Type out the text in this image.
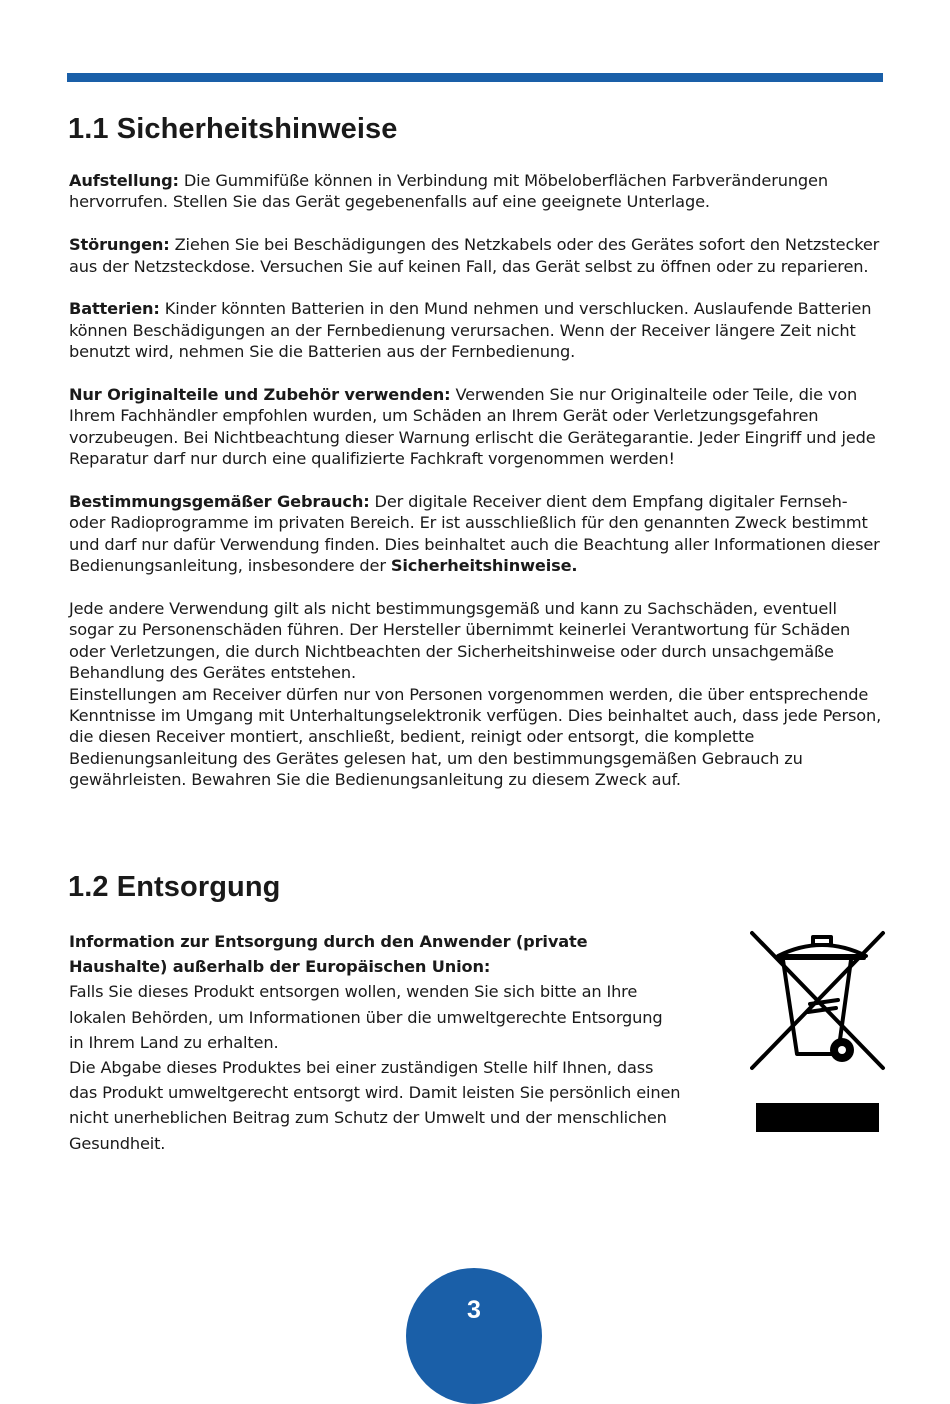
1.1 Sicherheitshinweise

Aufstellung: Die Gummifüße können in Verbindung mit Möbeloberflächen Farbveränderungen hervorrufen. Stellen Sie das Gerät gegebenenfalls auf eine geeignete Unterlage.

Störungen: Ziehen Sie bei Beschädigungen des Netzkabels oder des Gerätes sofort den Netzstecker aus der Netzsteckdose. Versuchen Sie auf keinen Fall, das Gerät selbst zu öffnen oder zu reparieren.

Batterien: Kinder könnten Batterien in den Mund nehmen und verschlucken. Auslaufende Batterien können Beschädigungen an der Fernbedienung verursachen. Wenn der Receiver längere Zeit nicht benutzt wird, nehmen Sie die Batterien aus der Fernbedienung.

Nur Originalteile und Zubehör verwenden: Verwenden Sie nur Originalteile oder Teile, die von Ihrem Fachhändler empfohlen wurden, um Schäden an Ihrem Gerät oder Verletzungsgefahren vorzubeugen. Bei Nichtbeachtung dieser Warnung erlischt die Gerätegarantie. Jeder Eingriff und jede Reparatur darf nur durch eine qualifizierte Fachkraft vorgenommen werden!

Bestimmungsgemäßer Gebrauch: Der digitale Receiver dient dem Empfang digitaler Fernseh- oder Radioprogramme im privaten Bereich. Er ist ausschließlich für den genannten Zweck bestimmt und darf nur dafür Verwendung finden. Dies beinhaltet auch die Beachtung aller Informationen dieser Bedienungsanleitung, insbesondere der Sicherheitshinweise.

Jede andere Verwendung gilt als nicht bestimmungsgemäß und kann zu Sachschäden, eventuell sogar zu Personenschäden führen. Der Hersteller übernimmt keinerlei Verantwortung für Schäden oder Verletzungen, die durch Nichtbeachten der Sicherheitshinweise oder durch unsachgemäße Behandlung des Gerätes entstehen.

Einstellungen am Receiver dürfen nur von Personen vorgenommen werden, die über entsprechende Kenntnisse im Umgang mit Unterhaltungselektronik verfügen. Dies beinhaltet auch, dass jede Person, die diesen Receiver montiert, anschließt, bedient, reinigt oder entsorgt, die komplette Bedienungsanleitung des Gerätes gelesen hat, um den bestimmungsgemäßen Gebrauch zu gewährleisten. Bewahren Sie die Bedienungsanleitung zu diesem Zweck auf.

1.2 Entsorgung

Information zur Entsorgung durch den Anwender (private Haushalte) außerhalb der Europäischen Union:

Falls Sie dieses Produkt entsorgen wollen, wenden Sie sich bitte an Ihre lokalen Behörden, um Informationen über die umweltgerechte Entsorgung in Ihrem Land zu erhalten.

Die Abgabe dieses Produktes bei einer zuständigen Stelle hilf Ihnen, dass das Produkt umweltgerecht entsorgt wird. Damit leisten Sie persönlich einen nicht unerheblichen Beitrag zum Schutz der Umwelt und der menschlichen Gesundheit.

3
